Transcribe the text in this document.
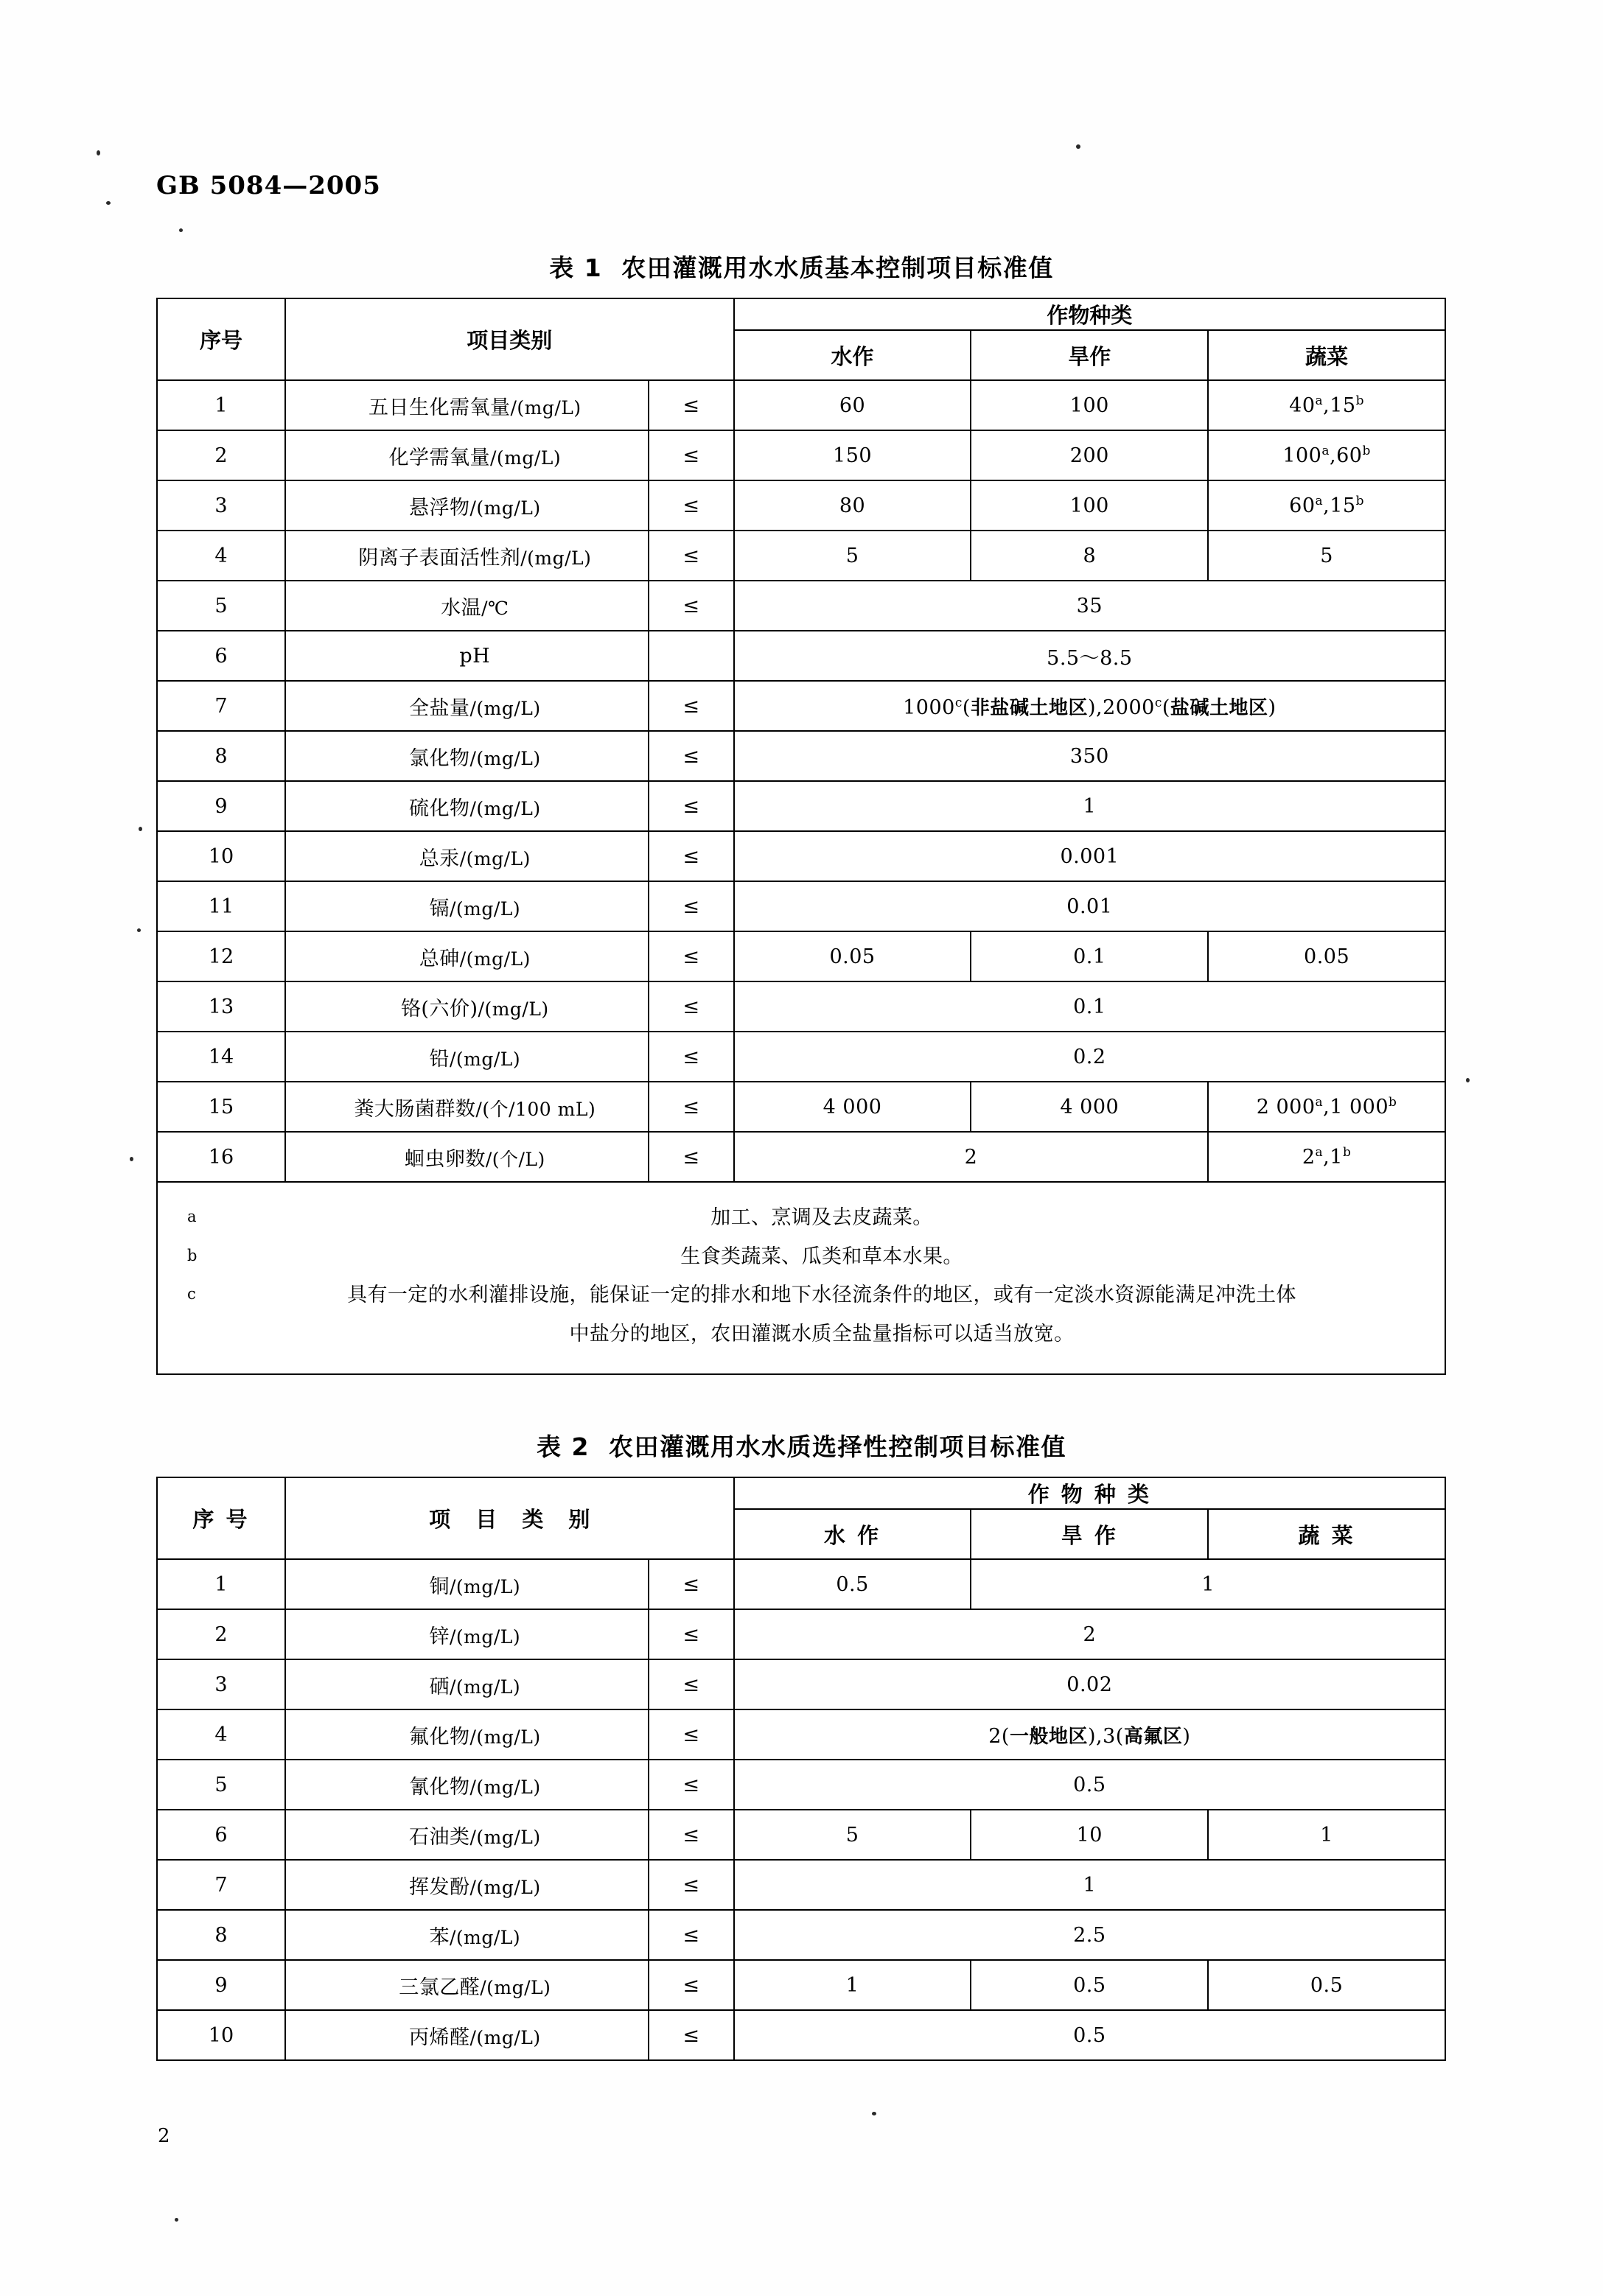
GB 5084—2005
表 1 农田灌溉用水水质基本控制项目标准值
序号	项目类别		作物种类		
			水作	旱作	蔬菜
1	五日生化需氧量/(mg/L)	≤	60	100	40$^a$,15$^b$
2	化学需氧量/(mg/L)	≤	150	200	100$^a$,60$^b$
3	悬浮物/(mg/L)	≤	80	100	60$^a$,15$^b$
4	阴离子表面活性剂/(mg/L)	≤	5	8	5
5	水温/℃	≤	35		
6	pH		5.5～8.5		
7	全盐量/(mg/L)	≤	$1000^c$(非盐碱土地区),2000$^c$(盐碱土地区)		
8	氯化物/(mg/L)	≤	350		
9	硫化物/(mg/L)	≤	1		
10	总汞/(mg/L)	≤	0.001		
11	镉/(mg/L)	≤	0.01		
12	总砷/(mg/L)	≤	0.05	0.1	0.05
13	铬(六价)/(mg/L)	≤	0.1		
14	铅/(mg/L)	≤	0.2		
15	粪大肠菌群数/(个/100 mL)	≤	4 000	4 000	2 000$^a$,1 000$^b$
16	蛔虫卵数/(个/L)	≤	2		2$^a$,1$^b$

a	加工、烹调及去皮蔬菜。
b	生食类蔬菜、瓜类和草本水果。
c	具有一定的水利灌排设施，能保证一定的排水和地下水径流条件的地区，或有一定淡水资源能满足冲洗土体
中盐分的地区，农田灌溉水质全盐量指标可以适当放宽。
表 2 农田灌溉用水水质选择性控制项目标准值
序 号	项 目 类 别		作 物 种 类		
			水 作	旱 作	蔬 菜
1	铜/(mg/L)	≤	0.5	1	
2	锌/(mg/L)	≤	2		
3	硒/(mg/L)	≤	0.02		
4	氟化物/(mg/L)	≤	2(一般地区),3(高氟区)		
5	氰化物/(mg/L)	≤	0.5		
6	石油类/(mg/L)	≤	5	10	1
7	挥发酚/(mg/L)	≤	1		
8	苯/(mg/L)	≤	2.5		
9	三氯乙醛/(mg/L)	≤	1	0.5	0.5
10	丙烯醛/(mg/L)	≤	0.5		
2
